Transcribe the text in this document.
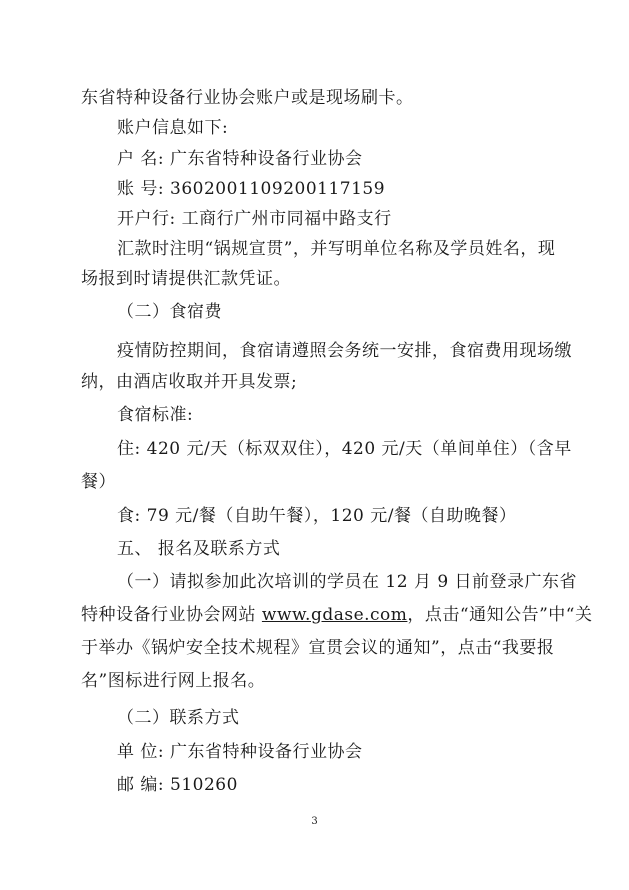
东省特种设备行业协会账户或是现场刷卡。
账户信息如下:
户 名: 广东省特种设备行业协会
账 号: 3602001109200117159
开户行: 工商行广州市同福中路支行
汇款时注明“锅规宣贯”，并写明单位名称及学员姓名，现
场报到时请提供汇款凭证。
（二）食宿费
疫情防控期间，食宿请遵照会务统一安排，食宿费用现场缴
纳，由酒店收取并开具发票;
食宿标准:
住: 420 元/天（标双双住），420 元/天（单间单住）（含早
餐）
食: 79 元/餐（自助午餐），120 元/餐（自助晚餐）
五、 报名及联系方式
（一）请拟参加此次培训的学员在 12 月 9 日前登录广东省
特种设备行业协会网站 www.gdase.com，点击“通知公告”中“关
于举办《锅炉安全技术规程》宣贯会议的通知”，点击“我要报
名”图标进行网上报名。
（二）联系方式
单 位: 广东省特种设备行业协会
邮 编: 510260
3
